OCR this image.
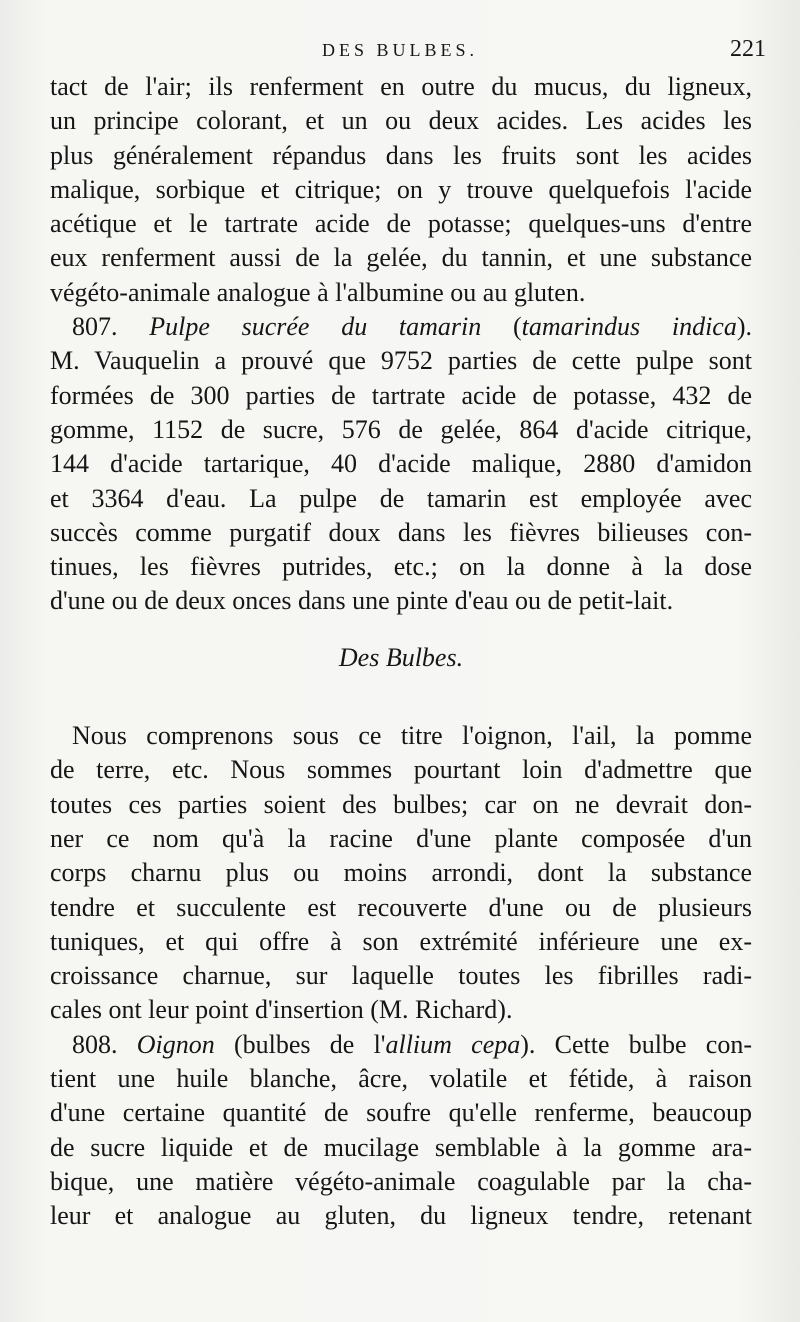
DES BULBES.	221
tact de l'air; ils renferment en outre du mucus, du ligneux,
un principe colorant, et un ou deux acides. Les acides les
plus généralement répandus dans les fruits sont les acides
malique, sorbique et citrique; on y trouve quelquefois l'acide
acétique et le tartrate acide de potasse; quelques-uns d'entre
eux renferment aussi de la gelée, du tannin, et une substance
végéto-animale analogue à l'albumine ou au gluten.
807. Pulpe sucrée du tamarin (tamarindus indica).
M. Vauquelin a prouvé que 9752 parties de cette pulpe sont
formées de 300 parties de tartrate acide de potasse, 432 de
gomme, 1152 de sucre, 576 de gelée, 864 d'acide citrique,
144 d'acide tartarique, 40 d'acide malique, 2880 d'amidon
et 3364 d'eau. La pulpe de tamarin est employée avec
succès comme purgatif doux dans les fièvres bilieuses con-
tinues, les fièvres putrides, etc.; on la donne à la dose
d'une ou de deux onces dans une pinte d'eau ou de petit-lait.
Des Bulbes.
Nous comprenons sous ce titre l'oignon, l'ail, la pomme
de terre, etc. Nous sommes pourtant loin d'admettre que
toutes ces parties soient des bulbes; car on ne devrait don-
ner ce nom qu'à la racine d'une plante composée d'un
corps charnu plus ou moins arrondi, dont la substance
tendre et succulente est recouverte d'une ou de plusieurs
tuniques, et qui offre à son extrémité inférieure une ex-
croissance charnue, sur laquelle toutes les fibrilles radi-
cales ont leur point d'insertion (M. Richard).
808. Oignon (bulbes de l'allium cepa). Cette bulbe con-
tient une huile blanche, âcre, volatile et fétide, à raison
d'une certaine quantité de soufre qu'elle renferme, beaucoup
de sucre liquide et de mucilage semblable à la gomme ara-
bique, une matière végéto-animale coagulable par la cha-
leur et analogue au gluten, du ligneux tendre, retenant
